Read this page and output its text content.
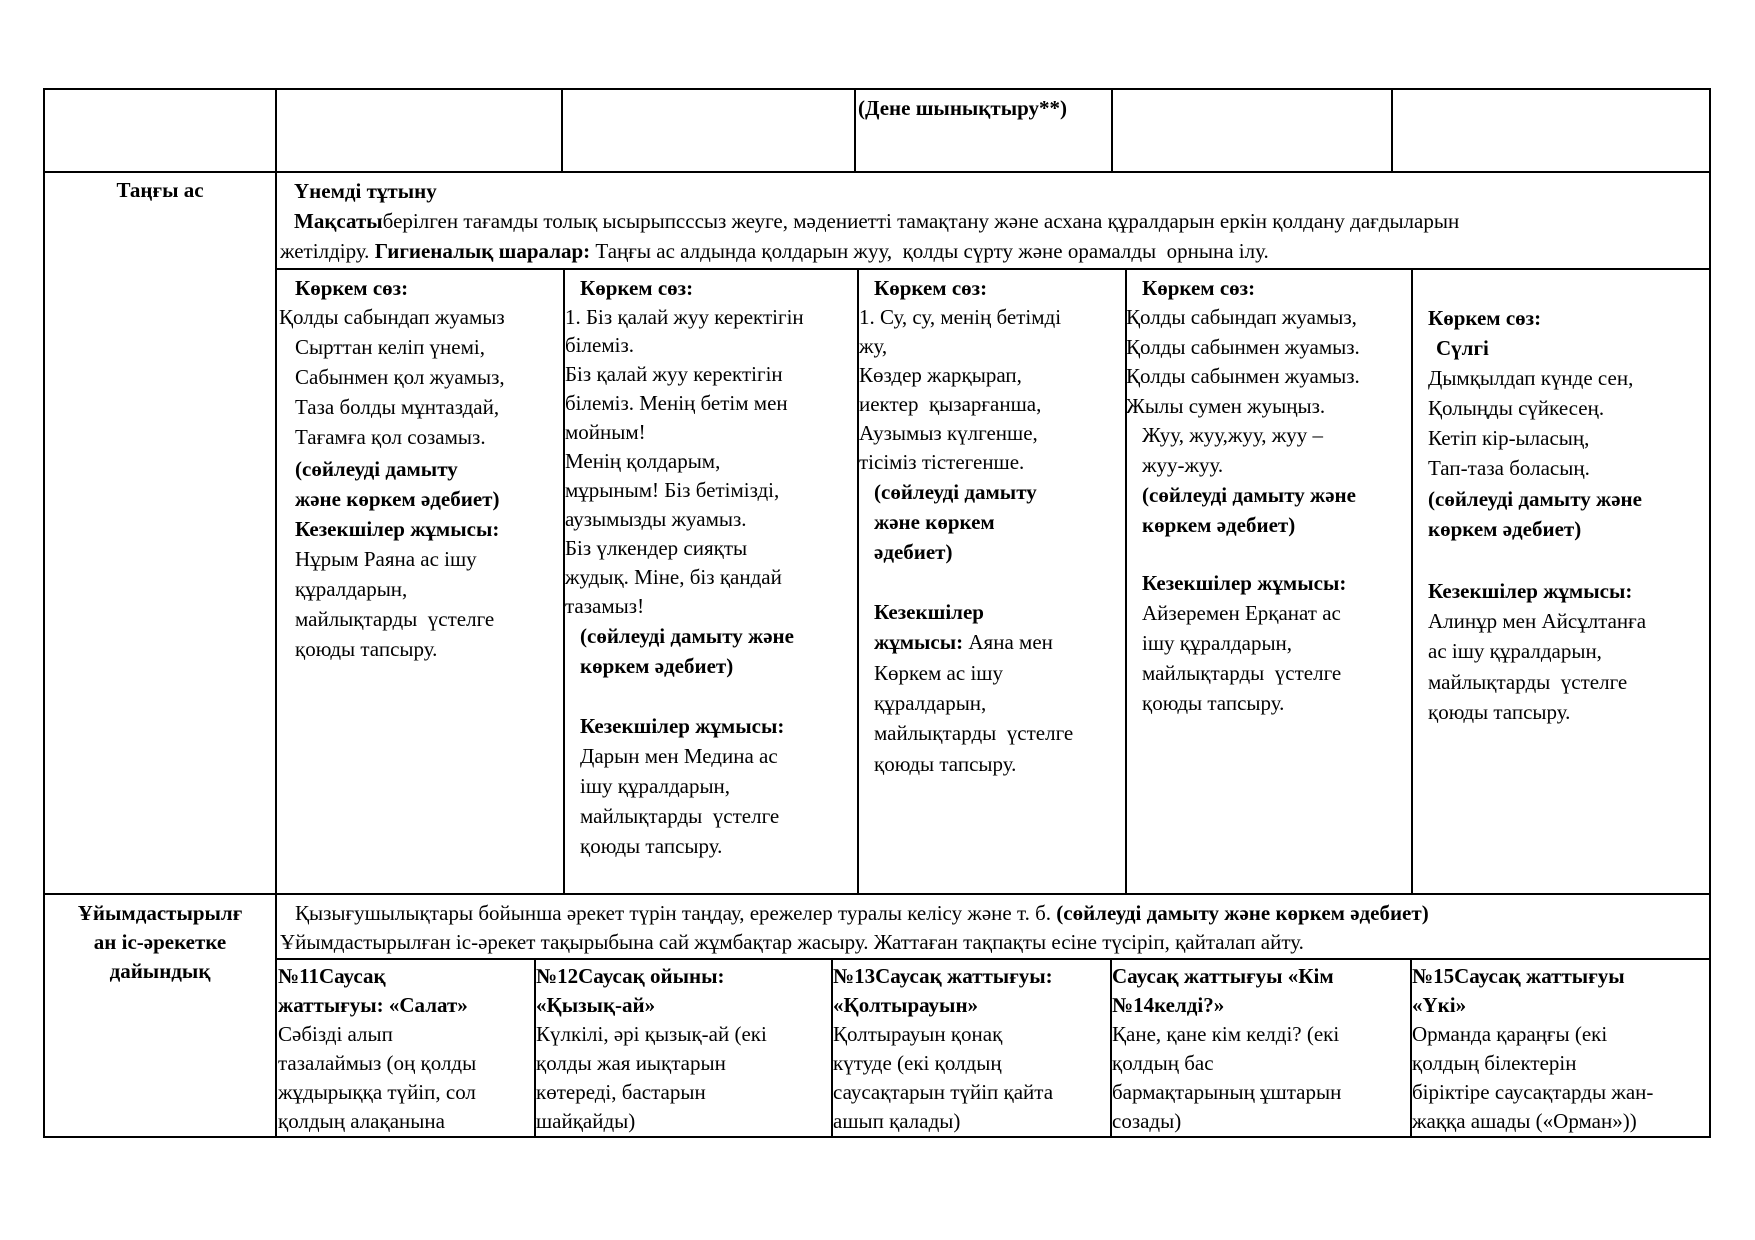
(Дене шынықтыру**)
Таңғы ас	Үнемді тұтыну
Мақсатыберілген тағамды толық ысырыпсссыз жеуге, мәдениетті тамақтану және асхана құралдарын еркін қолдану дағдыларын
жетілдіру. Гигиеналық шаралар: Таңғы ас алдында қолдарын жуу,  қолды сүрту және орамалды  орнына ілу.
Көркем сөз:
Қолды сабындап жуамыз
Сырттан келіп үнемі,
Сабынмен қол жуамыз,
Таза болды мұнтаздай,
Тағамға қол созамыз.
(сөйлеуді дамыту
және көркем әдебиет)
Кезекшілер жұмысы:
Нұрым Раяна ас ішу
құралдарын,
майлықтарды  үстелге
қоюды тапсыру.
Көркем сөз:
1. Біз қалай жуу керектігін
білеміз.
Біз қалай жуу керектігін
білеміз. Менің бетім мен
мойным!
Менің қолдарым,
мұрыным! Біз бетімізді,
аузымызды жуамыз.
Біз үлкендер сияқты
жудық. Міне, біз қандай
тазамыз!
(сөйлеуді дамыту және
көркем әдебиет)
Кезекшілер жұмысы:
Дарын мен Медина ас
ішу құралдарын,
майлықтарды  үстелге
қоюды тапсыру.
Көркем сөз:
1. Су, су, менің бетімді
жу,
Көздер жарқырап,
иектер  қызарғанша,
Аузымыз күлгенше,
тісіміз тістегенше.
(сөйлеуді дамыту
және көркем
әдебиет)
Кезекшілер
жұмысы: Аяна мен
Көркем ас ішу
құралдарын,
майлықтарды  үстелге
қоюды тапсыру.
Көркем сөз:
Қолды сабындап жуамыз,
Қолды сабынмен жуамыз.
Қолды сабынмен жуамыз.
Жылы сумен жуыңыз.
Жуу, жуу,жуу, жуу –
жуу-жуу.
(сөйлеуді дамыту және
көркем әдебиет)
Кезекшілер жұмысы:
Айзеремен Ерқанат ас
ішу құралдарын,
майлықтарды  үстелге
қоюды тапсыру.
Көркем сөз:
Сүлгі
Дымқылдап күнде сен,
Қолыңды сүйкесең.
Кетіп кір-ыласың,
Тап-таза боласың.
(сөйлеуді дамыту және
көркем әдебиет)
Кезекшілер жұмысы:
Алинұр мен Айсұлтанға
ас ішу құралдарын,
майлықтарды  үстелге
қоюды тапсыру.
Ұйымдастырылғ
ан іс-әрекетке
дайындық
Қызығушылықтары бойынша әрекет түрін таңдау, ережелер туралы келісу және т. б. (сөйлеуді дамыту және көркем әдебиет)
Ұйымдастырылған іс-әрекет тақырыбына сай жұмбақтар жасыру. Жаттаған тақпақты есіне түсіріп, қайталап айту.
№11Саусақ
жаттығуы: «Салат»
Сәбізді алып
тазалаймыз (оң қолды
жұдырыққа түйіп, сол
қолдың алақанына
№12Саусақ ойыны:
«Қызық-ай»
Күлкілі, әрі қызық-ай (екі
қолды жая иықтарын
көтереді, бастарын
шайқайды)
№13Саусақ жаттығуы:
«Қолтырауын»
Қолтырауын қонақ
күтуде (екі қолдың
саусақтарын түйіп қайта
ашып қалады)
Саусақ жаттығуы «Кім
№14келді?»
Қане, қане кім келді? (екі
қолдың бас
бармақтарының ұштарын
созады)
№15Саусақ жаттығуы
«Үкі»
Орманда қараңғы (екі
қолдың білектерін
біріктіре саусақтарды жан-
жаққа ашады («Орман»))
